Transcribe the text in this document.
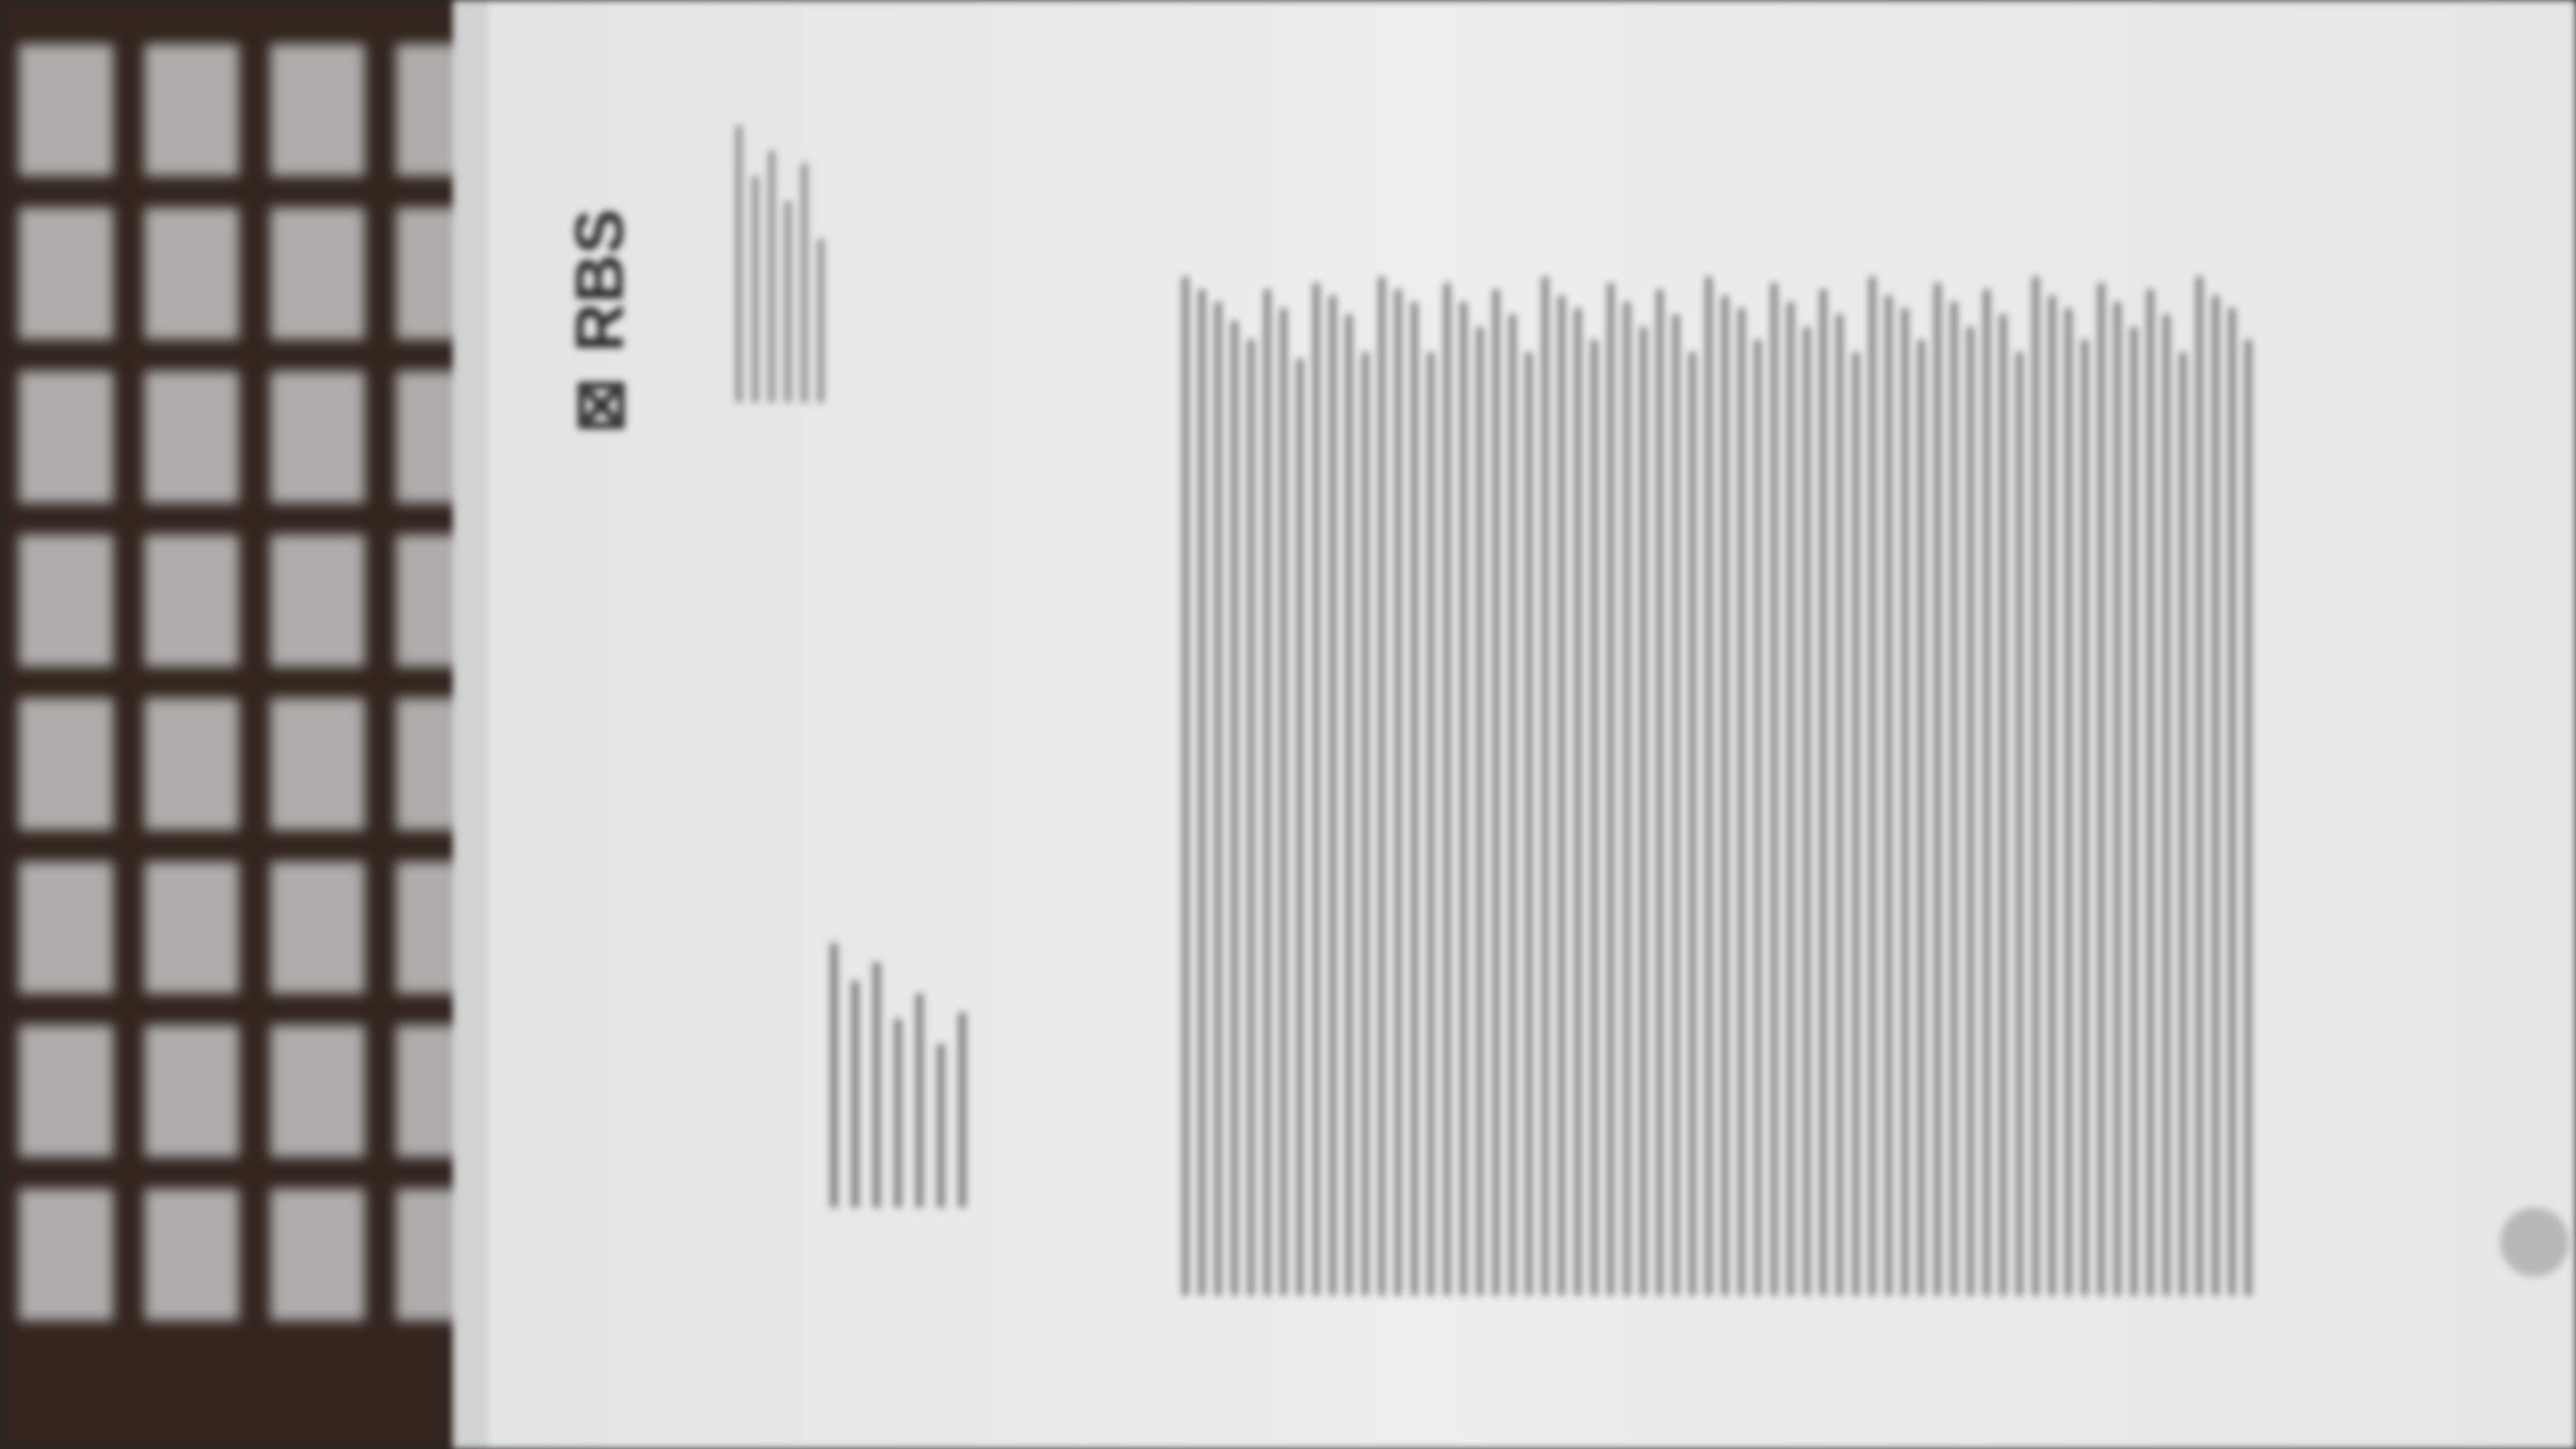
⊠
RBS
